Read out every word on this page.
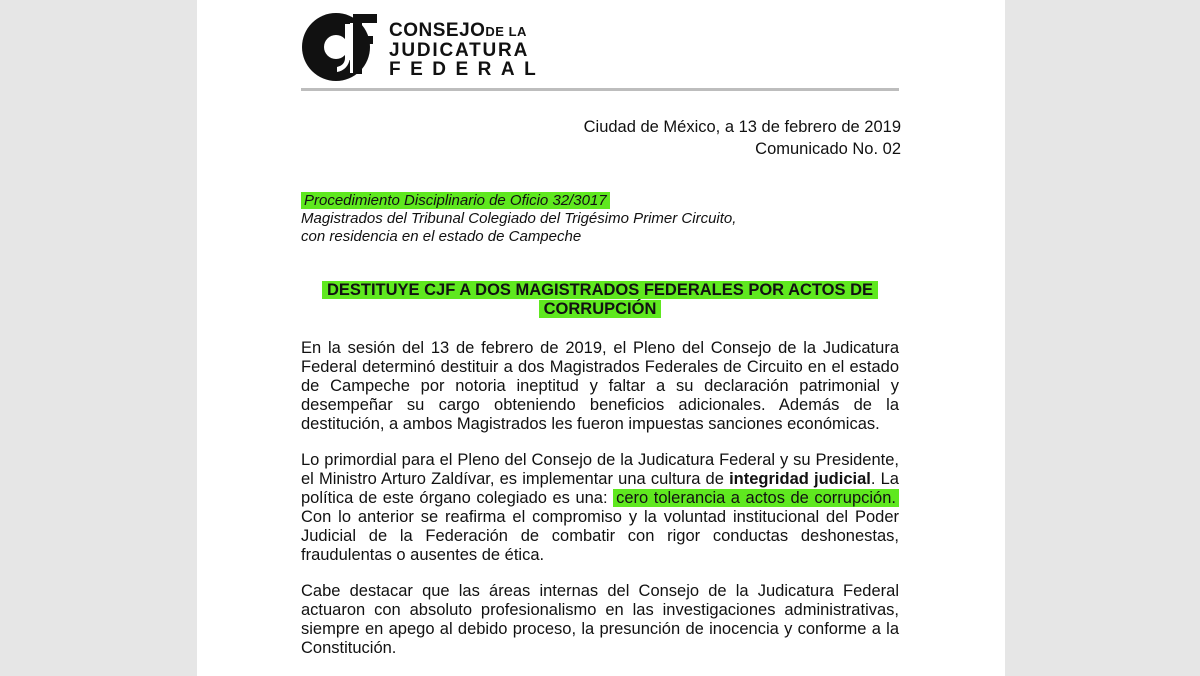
CONSEJODE LA
JUDICATURA
FEDERAL
Ciudad de México, a 13 de febrero de 2019
Comunicado No. 02
Procedimiento Disciplinario de Oficio 32/3017
Magistrados del Tribunal Colegiado del Trigésimo Primer Circuito,
con residencia en el estado de Campeche
DESTITUYE CJF A DOS MAGISTRADOS FEDERALES POR ACTOS DE
CORRUPCIÓN
En la sesión del 13 de febrero de 2019, el Pleno del Consejo de la Judicatura Federal determinó destituir a dos Magistrados Federales de Circuito en el estado de Campeche por notoria ineptitud y faltar a su declaración patrimonial y desempeñar su cargo obteniendo beneficios adicionales. Además de la destitución, a ambos Magistrados les fueron impuestas sanciones económicas.
Lo primordial para el Pleno del Consejo de la Judicatura Federal y su Presidente, el Ministro Arturo Zaldívar, es implementar una cultura de integridad judicial. La política de este órgano colegiado es una: cero tolerancia a actos de corrupción. Con lo anterior se reafirma el compromiso y la voluntad institucional del Poder Judicial de la Federación de combatir con rigor conductas deshonestas, fraudulentas o ausentes de ética.
Cabe destacar que las áreas internas del Consejo de la Judicatura Federal actuaron con absoluto profesionalismo en las investigaciones administrativas, siempre en apego al debido proceso, la presunción de inocencia y conforme a la Constitución.
